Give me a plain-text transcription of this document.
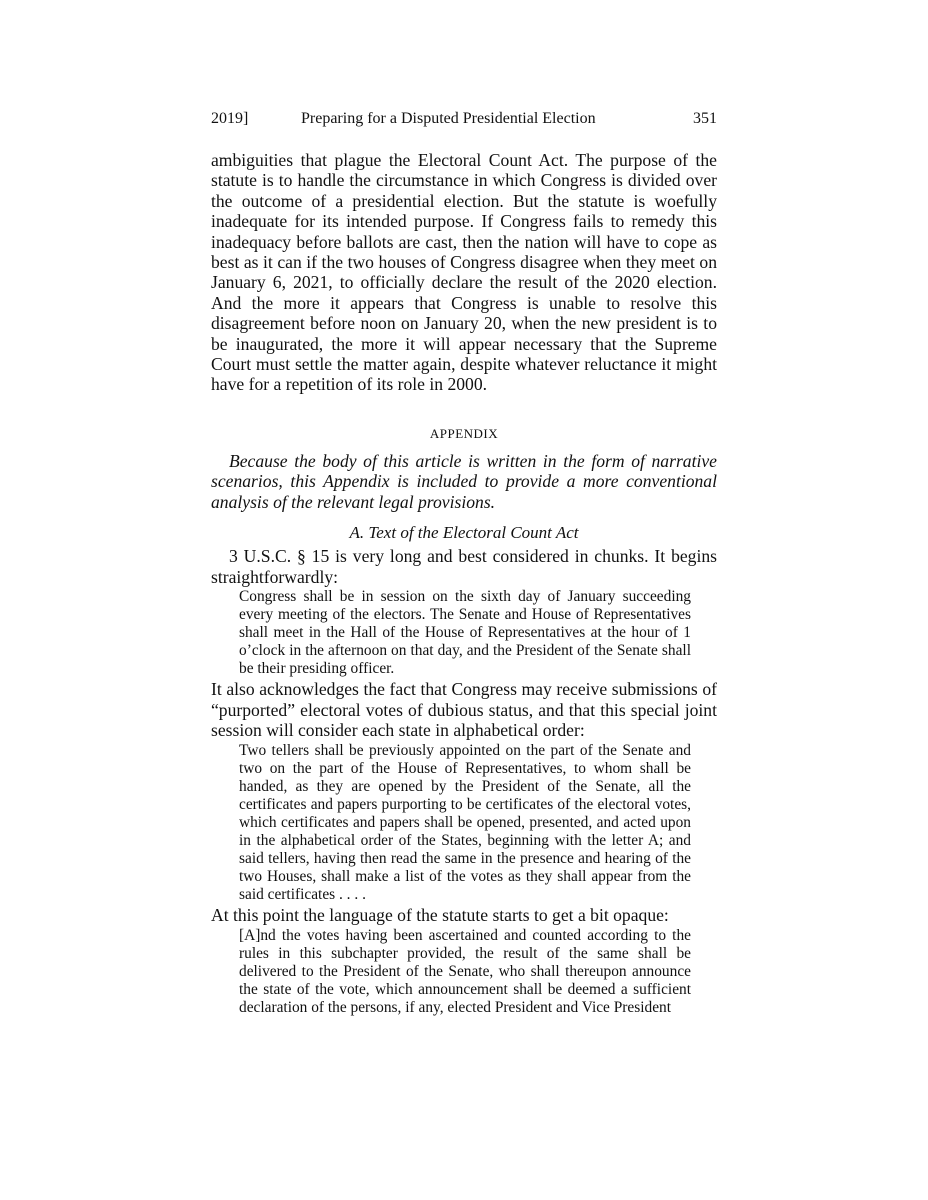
2019]	Preparing for a Disputed Presidential Election	351

ambiguities that plague the Electoral Count Act. The purpose of the statute is to handle the circumstance in which Congress is divided over the outcome of a presidential election. But the statute is woefully inadequate for its intended purpose. If Congress fails to remedy this inadequacy before ballots are cast, then the nation will have to cope as best as it can if the two houses of Congress disagree when they meet on January 6, 2021, to officially declare the result of the 2020 election. And the more it appears that Congress is unable to resolve this disagreement before noon on January 20, when the new president is to be inaugurated, the more it will appear necessary that the Supreme Court must settle the matter again, despite whatever reluctance it might have for a repetition of its role in 2000.

APPENDIX

Because the body of this article is written in the form of narrative scenarios, this Appendix is included to provide a more conventional analysis of the relevant legal provisions.

A. Text of the Electoral Count Act

3 U.S.C. § 15 is very long and best considered in chunks. It begins straightforwardly:

Congress shall be in session on the sixth day of January succeeding every meeting of the electors. The Senate and House of Representatives shall meet in the Hall of the House of Representatives at the hour of 1 o’clock in the afternoon on that day, and the President of the Senate shall be their presiding officer.

It also acknowledges the fact that Congress may receive submissions of “purported” electoral votes of dubious status, and that this special joint session will consider each state in alphabetical order:

Two tellers shall be previously appointed on the part of the Senate and two on the part of the House of Representatives, to whom shall be handed, as they are opened by the President of the Senate, all the certificates and papers purporting to be certificates of the electoral votes, which certificates and papers shall be opened, presented, and acted upon in the alphabetical order of the States, beginning with the letter A; and said tellers, having then read the same in the presence and hearing of the two Houses, shall make a list of the votes as they shall appear from the said certificates . . . .

At this point the language of the statute starts to get a bit opaque:

[A]nd the votes having been ascertained and counted according to the rules in this subchapter provided, the result of the same shall be delivered to the President of the Senate, who shall thereupon announce the state of the vote, which announcement shall be deemed a sufficient declaration of the persons, if any, elected President and Vice President
